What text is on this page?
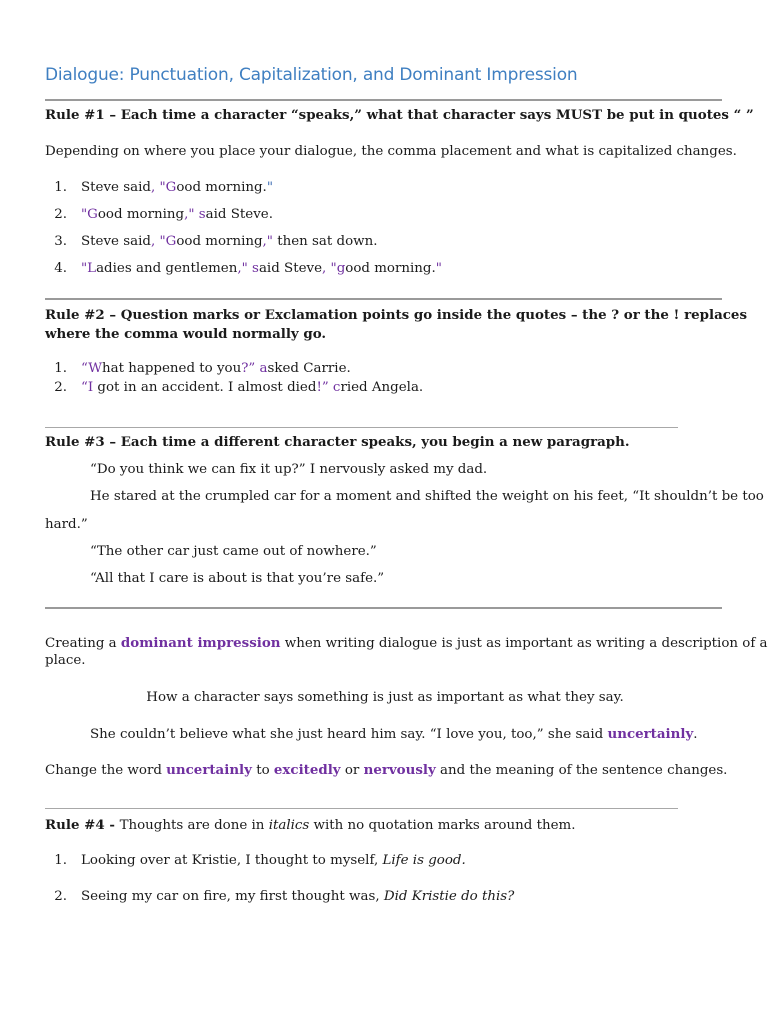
Dialogue: Punctuation, Capitalization, and Dominant Impression
Rule #1 – Each time a character “speaks,” what that character says MUST be put in quotes “ ”
Depending on where you place your dialogue, the comma placement and what is capitalized changes.
1. Steve said, "Good morning."
2. "Good morning," said Steve.
3. Steve said, "Good morning," then sat down.
4. "Ladies and gentlemen," said Steve, "good morning."
Rule #2 – Question marks or Exclamation points go inside the quotes – the ? or the ! replaces
where the comma would normally go.
1. “What happened to you?” asked Carrie.
2. “I got in an accident. I almost died!” cried Angela.
Rule #3 – Each time a different character speaks, you begin a new paragraph.
“Do you think we can fix it up?” I nervously asked my dad.
He stared at the crumpled car for a moment and shifted the weight on his feet, “It shouldn’t be too
hard.”
“The other car just came out of nowhere.”
“All that I care is about is that you’re safe.”
Creating a dominant impression when writing dialogue is just as important as writing a description of a
place.
How a character says something is just as important as what they say.
She couldn’t believe what she just heard him say. “I love you, too,” she said uncertainly.
Change the word uncertainly to excitedly or nervously and the meaning of the sentence changes.
Rule #4 - Thoughts are done in italics with no quotation marks around them.
1. Looking over at Kristie, I thought to myself, Life is good.
2. Seeing my car on fire, my first thought was, Did Kristie do this?
